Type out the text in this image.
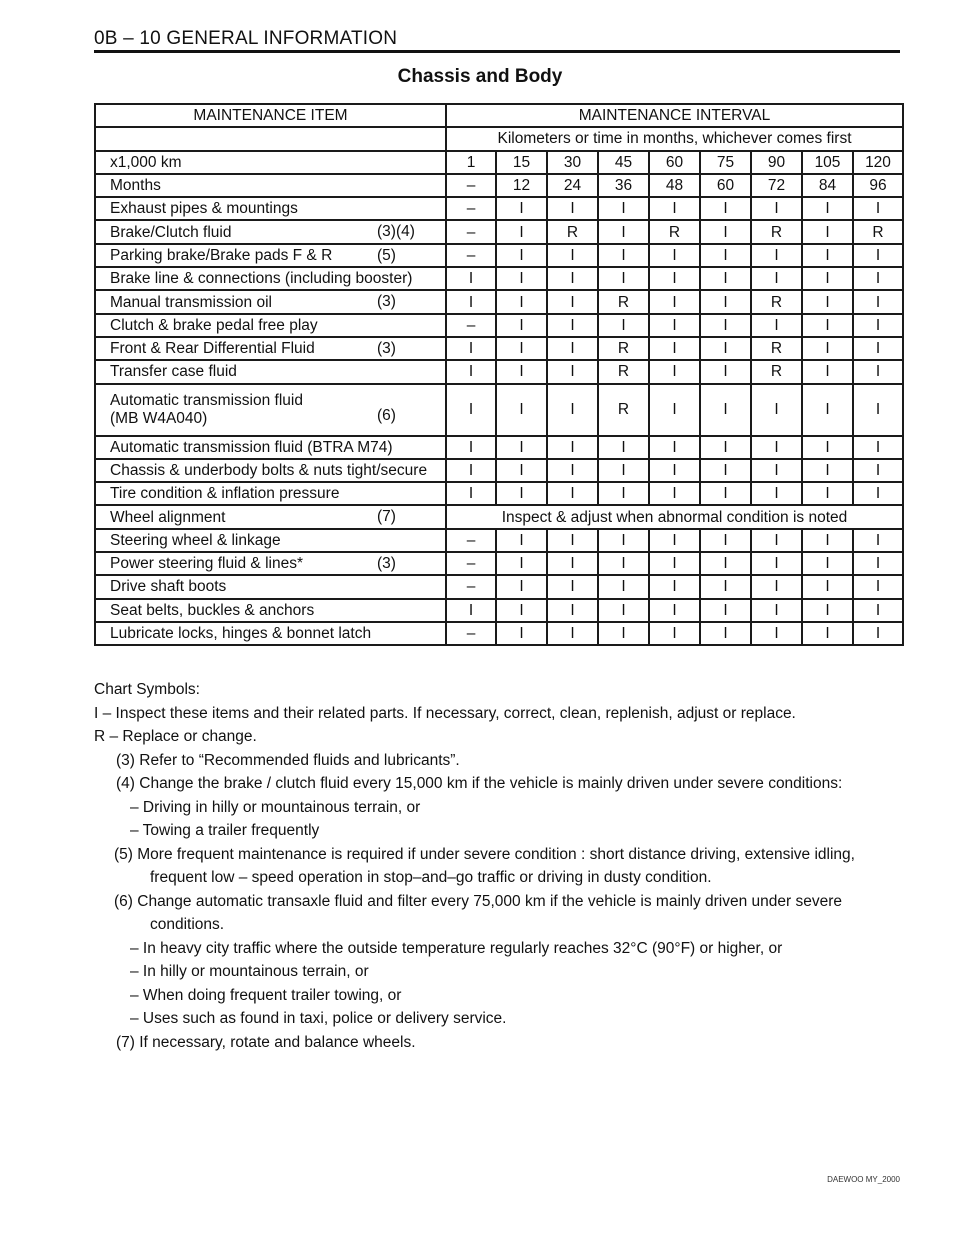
0B – 10 GENERAL INFORMATION
Chassis and Body
MAINTENANCE ITEM	MAINTENANCE INTERVAL								
	Kilometers or time in months, whichever comes first								

x1,000 km	1	15	30	45	60	75	90	105	120

Months	–	12	24	36	48	60	72	84	96

Exhaust pipes & mountings	–	I	I	I	I	I	I	I	I

Brake/Clutch fluid (3)(4)	–	I	R	I	R	I	R	I	R

Parking brake/Brake pads F & R (5)	–	I	I	I	I	I	I	I	I

Brake line & connections (including booster)	I	I	I	I	I	I	I	I	I

Manual transmission oil (3)	I	I	I	R	I	I	R	I	I

Clutch & brake pedal free play	–	I	I	I	I	I	I	I	I

Front & Rear Differential Fluid (3)	I	I	I	R	I	I	R	I	I

Transfer case fluid	I	I	I	R	I	I	R	I	I

Automatic transmission fluid
(MB W4A040) (6)	I	I	I	R	I	I	I	I	I

Automatic transmission fluid (BTRA M74)	I	I	I	I	I	I	I	I	I

Chassis & underbody bolts & nuts tight/secure	I	I	I	I	I	I	I	I	I

Tire condition & inflation pressure	I	I	I	I	I	I	I	I	I

Wheel alignment (7)	Inspect & adjust when abnormal condition is noted								

Steering wheel & linkage	–	I	I	I	I	I	I	I	I

Power steering fluid & lines* (3)	–	I	I	I	I	I	I	I	I

Drive shaft boots	–	I	I	I	I	I	I	I	I

Seat belts, buckles & anchors	I	I	I	I	I	I	I	I	I

Lubricate locks, hinges & bonnet latch	–	I	I	I	I	I	I	I	I

Chart Symbols:

I – Inspect these items and their related parts. If necessary, correct, clean, replenish, adjust or replace.

R – Replace or change.

(3) Refer to “Recommended fluids and lubricants”.

(4) Change the brake / clutch fluid every 15,000 km if the vehicle is mainly driven under severe conditions:

– Driving in hilly or mountainous terrain, or

– Towing a trailer frequently

(5) More frequent maintenance is required if under severe condition : short distance driving, extensive idling, frequent low – speed operation in stop–and–go traffic or driving in dusty condition.

(6) Change automatic transaxle fluid and filter every 75,000 km if the vehicle is mainly driven under severe conditions.

– In heavy city traffic where the outside temperature regularly reaches 32°C (90°F) or higher, or

– In hilly or mountainous terrain, or

– When doing frequent trailer towing, or

– Uses such as found in taxi, police or delivery service.

(7) If necessary, rotate and balance wheels.

DAEWOO MY_2000
